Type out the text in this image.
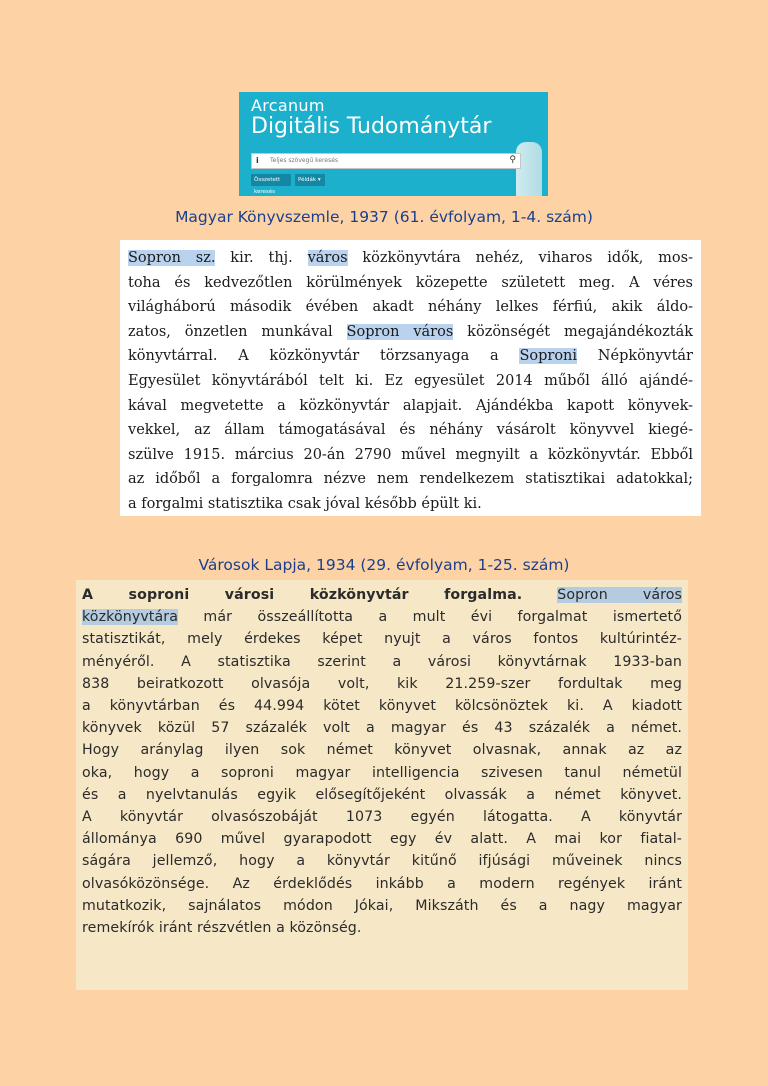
Arcanum
Digitális Tudománytár
i Teljes szövegű keresés	⚲
Összetett keresés
Példák ▾
Magyar Könyvszemle, 1937 (61. évfolyam, 1-4. szám)

Sopron sz. kir. thj. város közkönyvtára nehéz, viharos idők, mos-
toha és kedvezőtlen körülmények közepette született meg. A véres
világháború második évében akadt néhány lelkes férfiú, akik áldo-
zatos, önzetlen munkával Sopron város közönségét megajándékozták
könyvtárral. A közkönyvtár törzsanyaga a Soproni Népkönyvtár
Egyesület könyvtárából telt ki. Ez egyesület 2014 műből álló ajándé-
kával megvetette a közkönyvtár alapjait. Ajándékba kapott könyvek-
vekkel, az állam támogatásával és néhány vásárolt könyvvel kiegé-
szülve 1915. március 20-án 2790 művel megnyilt a közkönyvtár. Ebből
az időből a forgalomra nézve nem rendelkezem statisztikai adatokkal;
a forgalmi statisztika csak jóval később épült ki.

Városok Lapja, 1934 (29. évfolyam, 1-25. szám)

A soproni városi közkönyvtár forgalma. Sopron város
közkönyvtára már összeállította a mult évi forgalmat ismertető
statisztikát, mely érdekes képet nyujt a város fontos kultúrintéz-
ményéről. A statisztika szerint a városi könyvtárnak 1933-ban
838 beiratkozott olvasója volt, kik 21.259-szer fordultak meg
a könyvtárban és 44.994 kötet könyvet kölcsönöztek ki. A kiadott
könyvek közül 57 százalék volt a magyar és 43 százalék a német.
Hogy aránylag ilyen sok német könyvet olvasnak, annak az az
oka, hogy a soproni magyar intelligencia szivesen tanul németül
és a nyelvtanulás egyik elősegítőjeként olvassák a német könyvet.
A könyvtár olvasószobáját 1073 egyén látogatta. A könyvtár
állománya 690 művel gyarapodott egy év alatt. A mai kor fiatal-
ságára jellemző, hogy a könyvtár kitűnő ifjúsági műveinek nincs
olvasóközönsége. Az érdeklődés inkább a modern regények iránt
mutatkozik, sajnálatos módon Jókai, Mikszáth és a nagy magyar
remekírók iránt részvétlen a közönség.
